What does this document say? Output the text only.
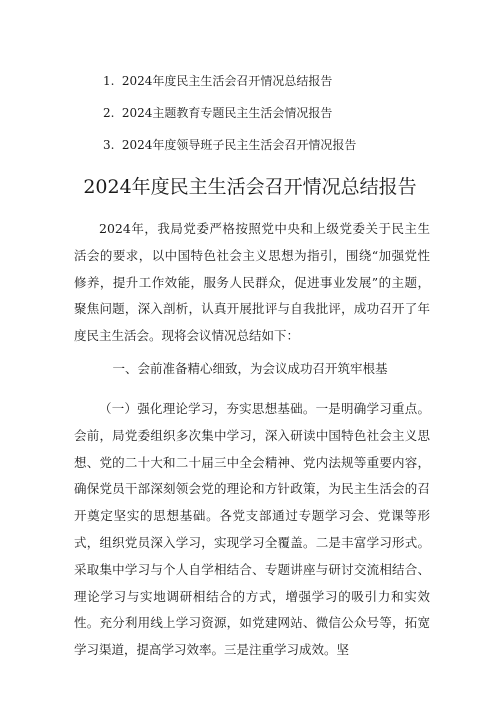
1. 2024年度民主生活会召开情况总结报告
2. 2024主题教育专题民主生活会情况报告
3. 2024年度领导班子民主生活会召开情况报告
2024年度民主生活会召开情况总结报告

2024年，我局党委严格按照党中央和上级党委关于民主生活会的要求，以中国特色社会主义思想为指引，围绕“加强党性修养，提升工作效能，服务人民群众，促进事业发展”的主题，聚焦问题，深入剖析，认真开展批评与自我批评，成功召开了年度民主生活会。现将会议情况总结如下：

一、会前准备精心细致，为会议成功召开筑牢根基

（一）强化理论学习，夯实思想基础。一是明确学习重点。会前，局党委组织多次集中学习，深入研读中国特色社会主义思想、党的二十大和二十届三中全会精神、党内法规等重要内容，确保党员干部深刻领会党的理论和方针政策，为民主生活会的召开奠定坚实的思想基础。各党支部通过专题学习会、党课等形式，组织党员深入学习，实现学习全覆盖。二是丰富学习形式。采取集中学习与个人自学相结合、专题讲座与研讨交流相结合、理论学习与实地调研相结合的方式，增强学习的吸引力和实效性。充分利用线上学习资源，如党建网站、微信公众号等，拓宽学习渠道，提高学习效率。三是注重学习成效。坚
